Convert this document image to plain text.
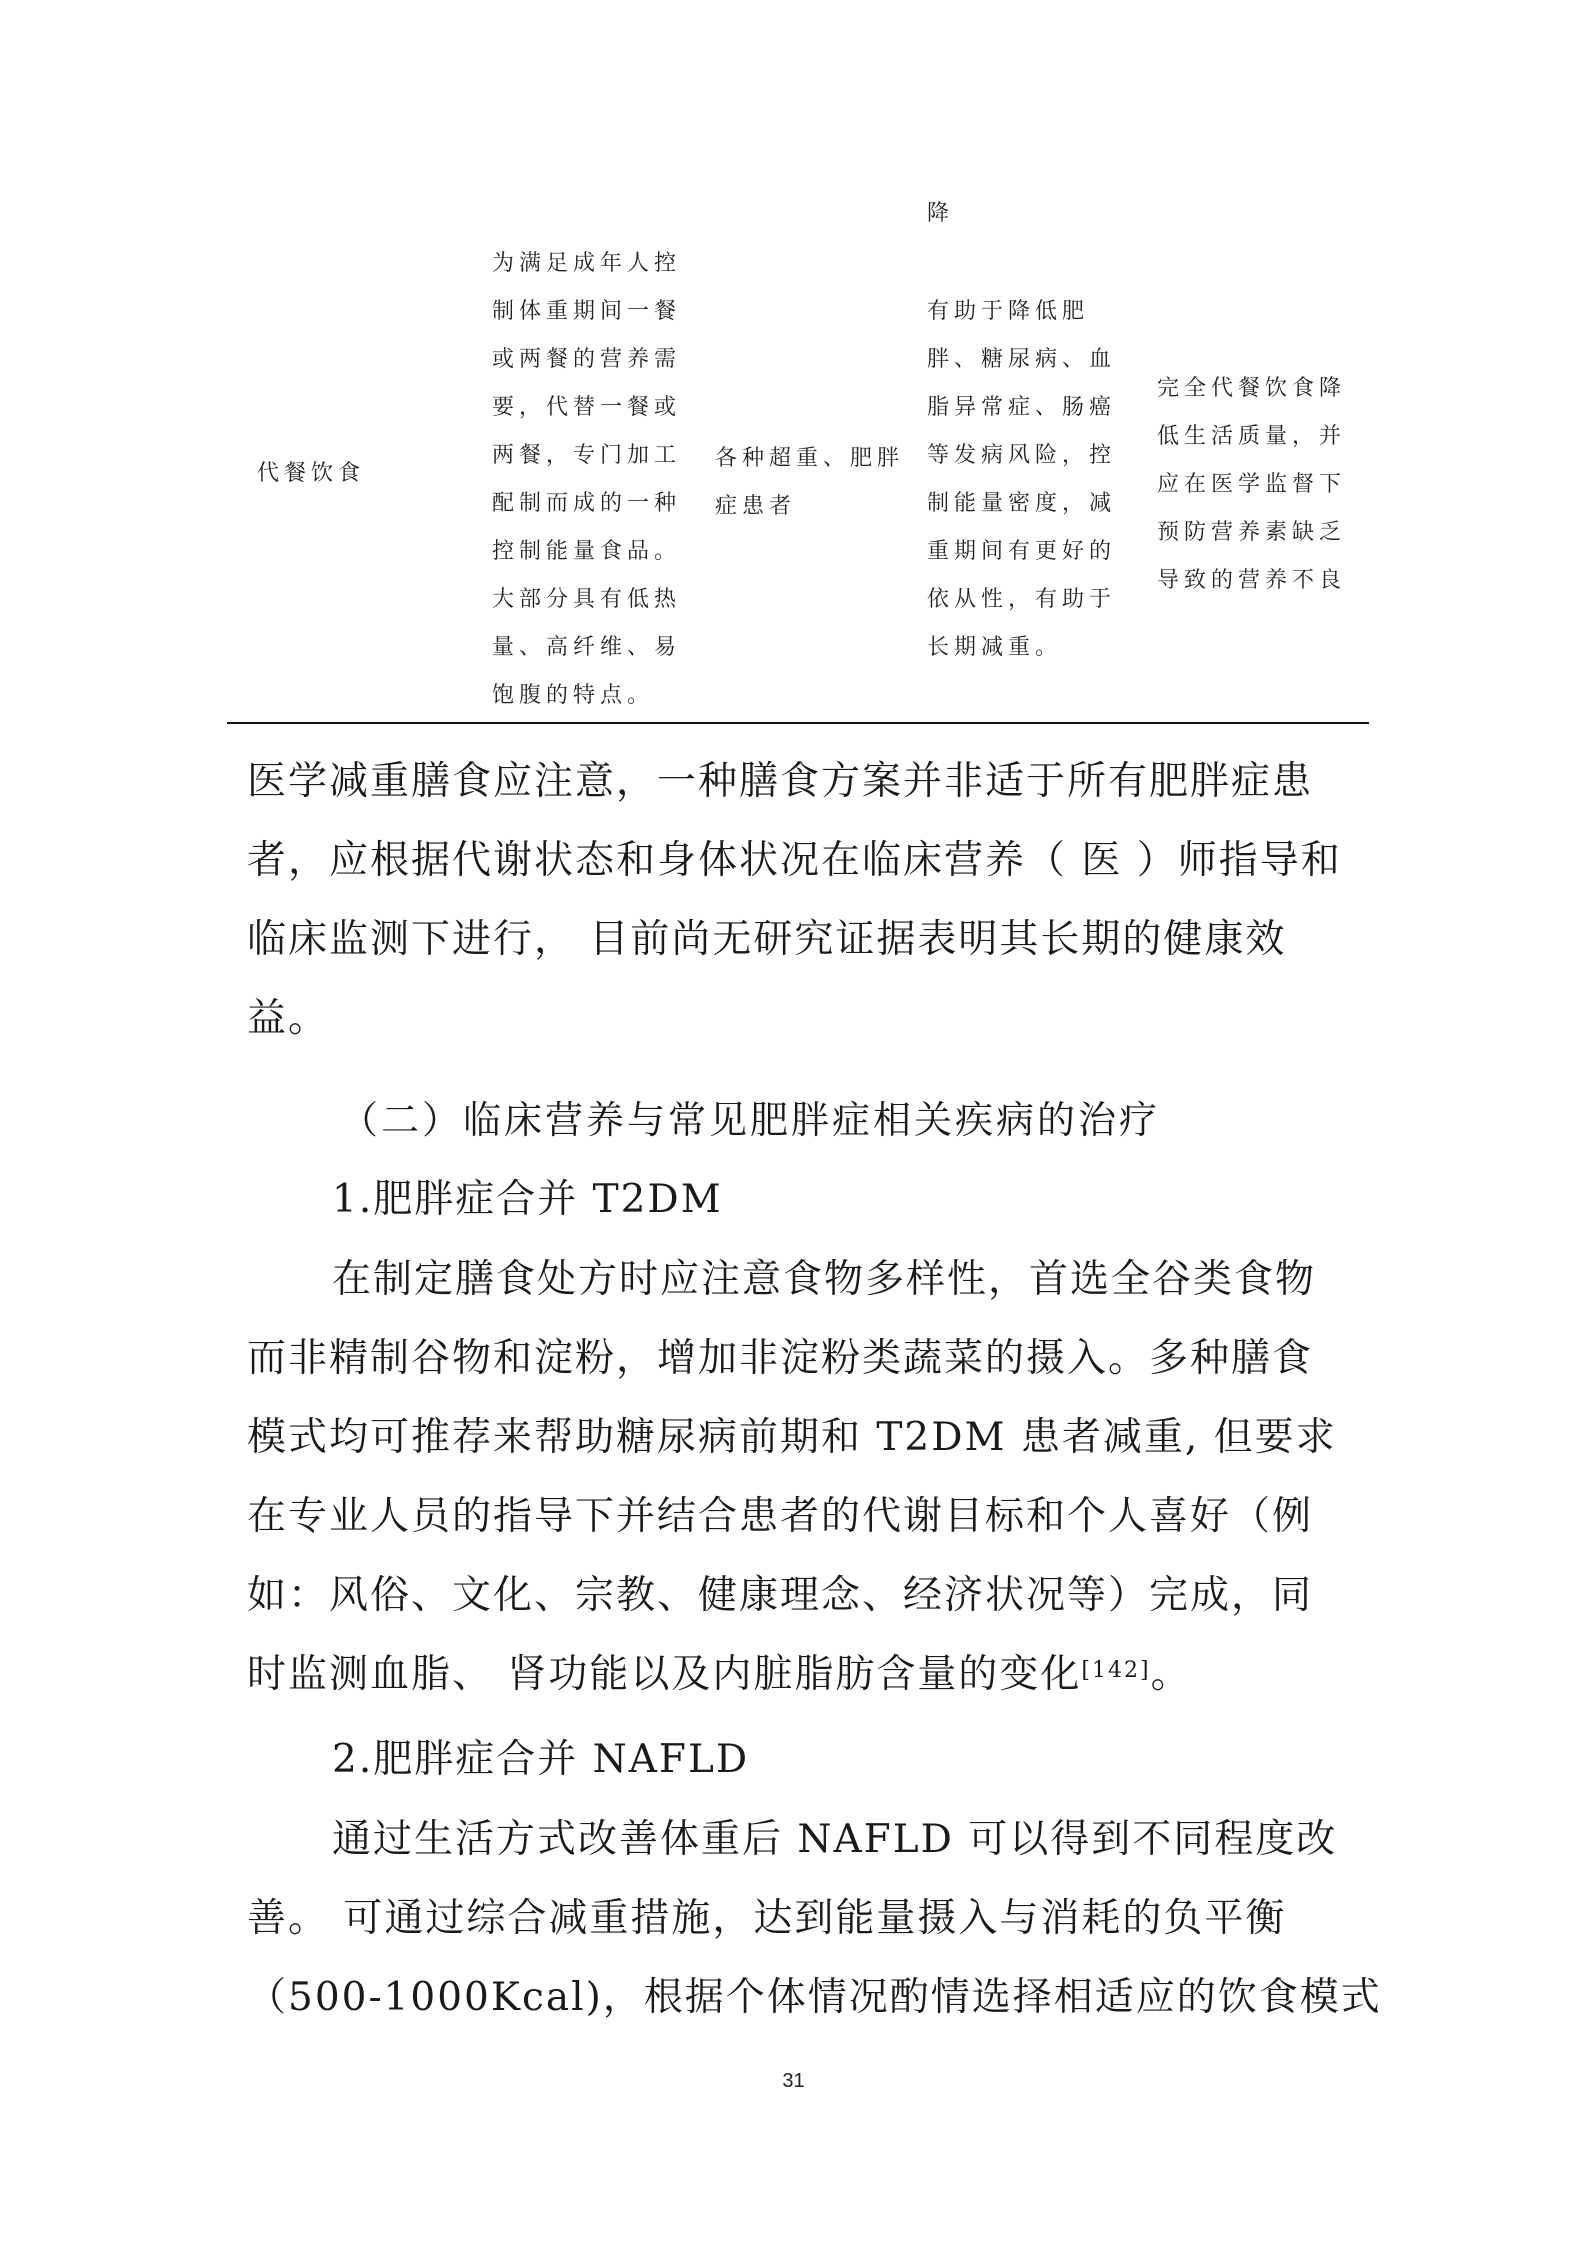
降
代餐饮食
为满足成年人控
制体重期间一餐
或两餐的营养需
要，代替一餐或
两餐，专门加工
配制而成的一种
控制能量食品。
大部分具有低热
量、高纤维、易
饱腹的特点。
各种超重、肥胖
症患者
有助于降低肥
胖、糖尿病、血
脂异常症、肠癌
等发病风险，控
制能量密度，减
重期间有更好的
依从性，有助于
长期减重。
完全代餐饮食降
低生活质量，并
应在医学监督下
预防营养素缺乏
导致的营养不良
医学减重膳食应注意，一种膳食方案并非适于所有肥胖症患
者，应根据代谢状态和身体状况在临床营养（ 医 ）师指导和
临床监测下进行， 目前尚无研究证据表明其长期的健康效
益。
（二）临床营养与常见肥胖症相关疾病的治疗
1.肥胖症合并 T2DM
在制定膳食处方时应注意食物多样性，首选全谷类食物
而非精制谷物和淀粉，增加非淀粉类蔬菜的摄入。多种膳食
模式均可推荐来帮助糖尿病前期和 T2DM 患者减重, 但要求
在专业人员的指导下并结合患者的代谢目标和个人喜好（例
如：风俗、文化、宗教、健康理念、经济状况等）完成，同
时监测血脂、 肾功能以及内脏脂肪含量的变化[142]。
2.肥胖症合并 NAFLD
通过生活方式改善体重后 NAFLD 可以得到不同程度改
善。 可通过综合减重措施，达到能量摄入与消耗的负平衡
（500-1000Kcal)，根据个体情况酌情选择相适应的饮食模式
31
